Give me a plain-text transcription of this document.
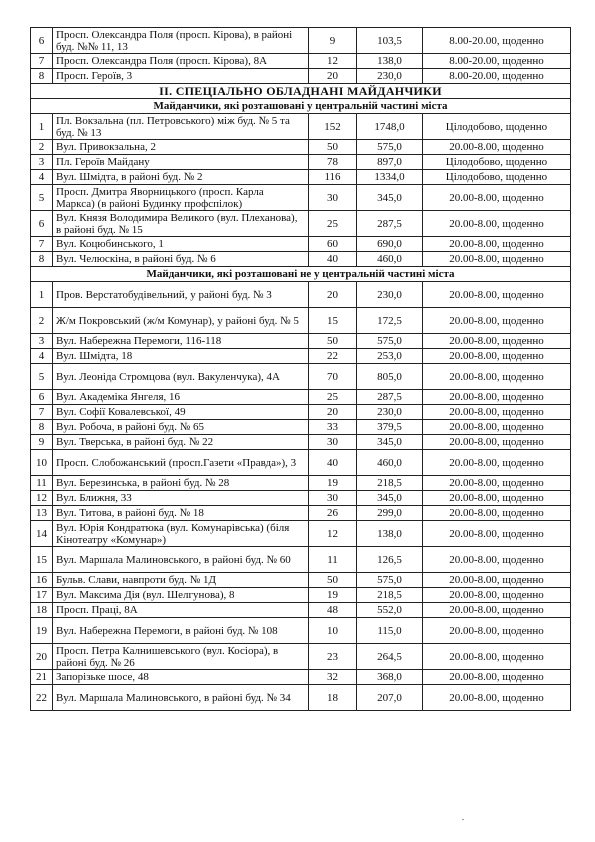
6	Просп. Олександра Поля (просп. Кірова), в районі буд. №№ 11, 13	9	103,5	8.00-20.00, щоденно
7	Просп. Олександра Поля (просп. Кірова), 8А	12	138,0	8.00-20.00, щоденно
8	Просп. Героїв, 3	20	230,0	8.00-20.00, щоденно
ІІ. СПЕЦІАЛЬНО ОБЛАДНАНІ МАЙДАНЧИКИ				
Майданчики, які розташовані у центральній частині міста				
1	Пл. Вокзальна (пл. Петровського) між буд. № 5 та буд. № 13	152	1748,0	Цілодобово, щоденно
2	Вул. Привокзальна, 2	50	575,0	20.00-8.00, щоденно
3	Пл. Героїв Майдану	78	897,0	Цілодобово, щоденно
4	Вул. Шмідта, в районі буд. № 2	116	1334,0	Цілодобово, щоденно
5	Просп. Дмитра Яворницького (просп. Карла Маркса) (в районі Будинку профспілок)	30	345,0	20.00-8.00, щоденно
6	Вул. Князя Володимира Великого (вул. Плеханова), в районі буд. № 15	25	287,5	20.00-8.00, щоденно
7	Вул. Коцюбинського, 1	60	690,0	20.00-8.00, щоденно
8	Вул. Челюскіна, в районі буд. № 6	40	460,0	20.00-8.00, щоденно
Майданчики, які розташовані не у центральній частині міста				
1	Пров. Верстатобудівельний, у районі буд. № 3	20	230,0	20.00-8.00, щоденно
2	Ж/м Покровський (ж/м Комунар), у районі буд. № 5	15	172,5	20.00-8.00, щоденно
3	Вул. Набережна Перемоги, 116-118	50	575,0	20.00-8.00, щоденно
4	Вул. Шмідта, 18	22	253,0	20.00-8.00, щоденно
5	Вул. Леоніда Стромцова (вул. Вакуленчука), 4А	70	805,0	20.00-8.00, щоденно
6	Вул. Академіка Янгеля, 16	25	287,5	20.00-8.00, щоденно
7	Вул. Софії Ковалевської, 49	20	230,0	20.00-8.00, щоденно
8	Вул. Робоча, в районі буд. № 65	33	379,5	20.00-8.00, щоденно
9	Вул. Тверська, в районі буд. № 22	30	345,0	20.00-8.00, щоденно
10	Просп. Слобожанський (просп.Газети «Правда»), 3	40	460,0	20.00-8.00, щоденно
11	Вул. Березинська, в районі буд. № 28	19	218,5	20.00-8.00, щоденно
12	Вул. Ближня, 33	30	345,0	20.00-8.00, щоденно
13	Вул. Титова, в районі буд. № 18	26	299,0	20.00-8.00, щоденно
14	Вул. Юрія Кондратюка (вул. Комунарівська) (біля Кінотеатру «Комунар»)	12	138,0	20.00-8.00, щоденно
15	Вул. Маршала Малиновського, в районі буд. № 60	11	126,5	20.00-8.00, щоденно
16	Бульв. Слави, навпроти буд. № 1Д	50	575,0	20.00-8.00, щоденно
17	Вул. Максима Дія (вул. Шелгунова), 8	19	218,5	20.00-8.00, щоденно
18	Просп. Праці, 8А	48	552,0	20.00-8.00, щоденно
19	Вул. Набережна Перемоги, в районі буд. № 108	10	115,0	20.00-8.00, щоденно
20	Просп. Петра Калнишевського (вул. Косіора), в районі буд. № 26	23	264,5	20.00-8.00, щоденно
21	Запорізьке шосе, 48	32	368,0	20.00-8.00, щоденно
22	Вул. Маршала Малиновського, в районі буд. № 34	18	207,0	20.00-8.00, щоденно
